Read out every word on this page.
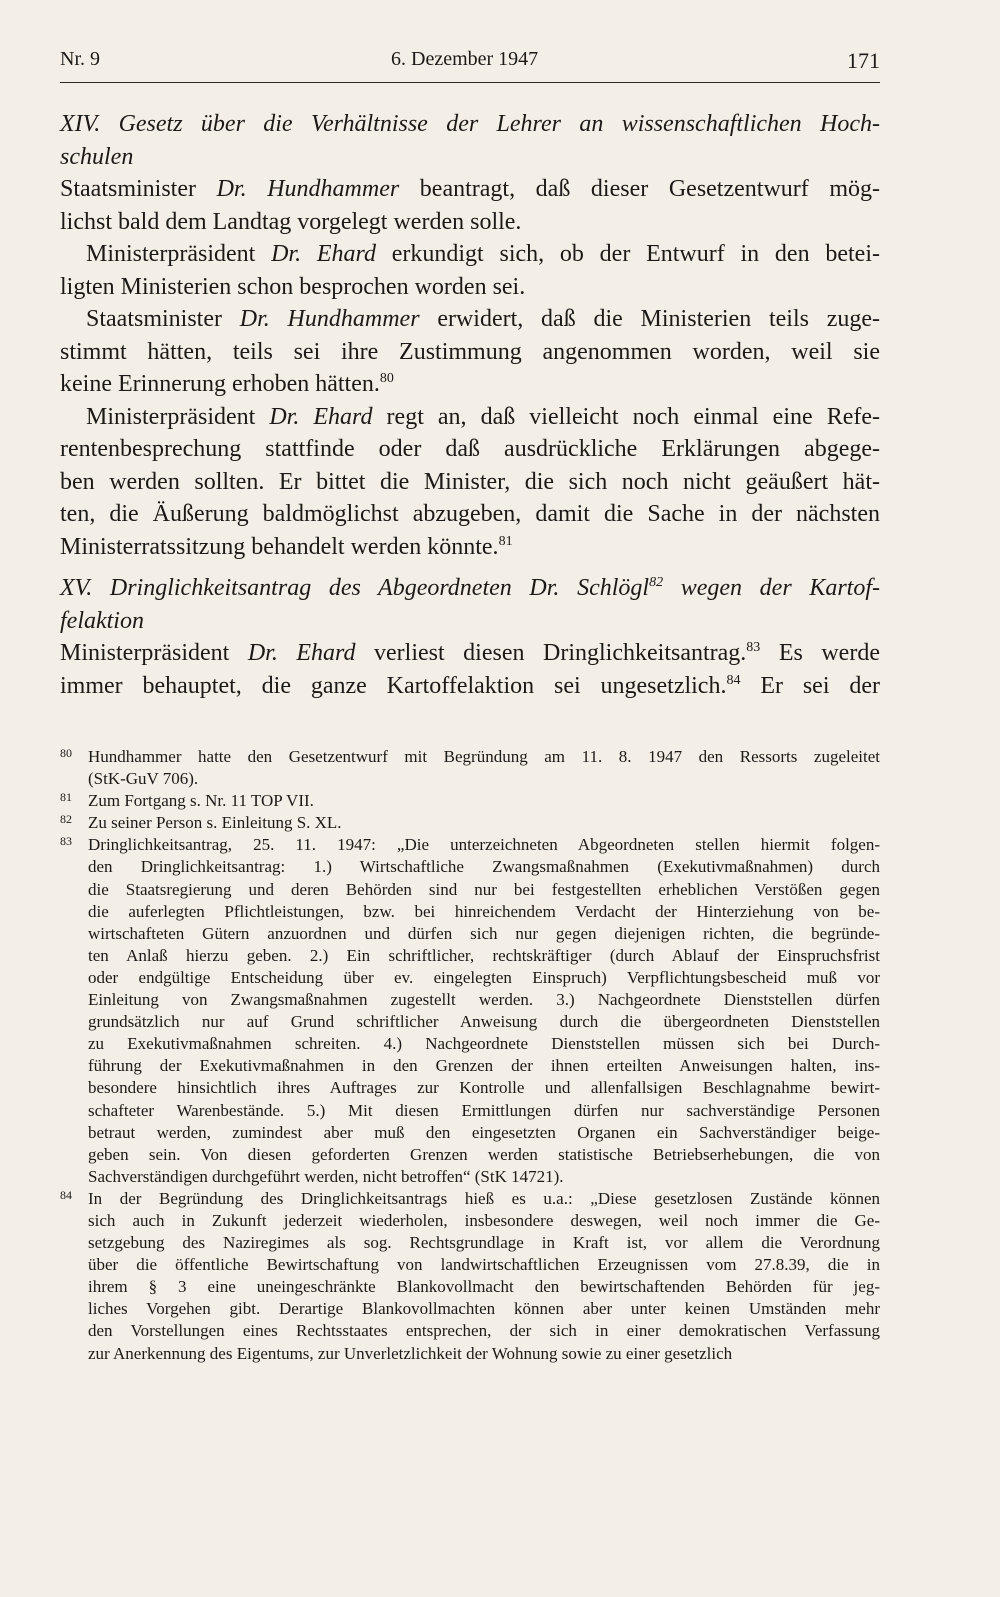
Nr. 9	6. Dezember 1947	171
XIV. Gesetz über die Verhältnisse der Lehrer an wissenschaftlichen Hoch-
schulen
Staatsminister Dr. Hundhammer beantragt, daß dieser Gesetzentwurf mög-
lichst bald dem Landtag vorgelegt werden solle.
Ministerpräsident Dr. Ehard erkundigt sich, ob der Entwurf in den betei-
ligten Ministerien schon besprochen worden sei.
Staatsminister Dr. Hundhammer erwidert, daß die Ministerien teils zuge-
stimmt hätten, teils sei ihre Zustimmung angenommen worden, weil sie
keine Erinnerung erhoben hätten.$^{80}$
Ministerpräsident Dr. Ehard regt an, daß vielleicht noch einmal eine Refe-
rentenbesprechung stattfinde oder daß ausdrückliche Erklärungen abgege-
ben werden sollten. Er bittet die Minister, die sich noch nicht geäußert hät-
ten, die Äußerung baldmöglichst abzugeben, damit die Sache in der nächsten
Ministerratssitzung behandelt werden könnte.$^{81}$
XV. Dringlichkeitsantrag des Abgeordneten Dr. Schlögl$^{82}$ wegen der Kartof-
felaktion
Ministerpräsident Dr. Ehard verliest diesen Dringlichkeitsantrag.$^{83}$ Es werde
immer behauptet, die ganze Kartoffelaktion sei ungesetzlich.$^{84}$ Er sei der
80 Hundhammer hatte den Gesetzentwurf mit Begründung am 11. 8. 1947 den Ressorts zugeleitet
(StK-GuV 706).
81 Zum Fortgang s. Nr. 11 TOP VII.
82 Zu seiner Person s. Einleitung S. XL.
83 Dringlichkeitsantrag, 25. 11. 1947: „Die unterzeichneten Abgeordneten stellen hiermit folgen-
den Dringlichkeitsantrag: 1.) Wirtschaftliche Zwangsmaßnahmen (Exekutivmaßnahmen) durch
die Staatsregierung und deren Behörden sind nur bei festgestellten erheblichen Verstößen gegen
die auferlegten Pflichtleistungen, bzw. bei hinreichendem Verdacht der Hinterziehung von be-
wirtschafteten Gütern anzuordnen und dürfen sich nur gegen diejenigen richten, die begründe-
ten Anlaß hierzu geben. 2.) Ein schriftlicher, rechtskräftiger (durch Ablauf der Einspruchsfrist
oder endgültige Entscheidung über ev. eingelegten Einspruch) Verpflichtungsbescheid muß vor
Einleitung von Zwangsmaßnahmen zugestellt werden. 3.) Nachgeordnete Dienststellen dürfen
grundsätzlich nur auf Grund schriftlicher Anweisung durch die übergeordneten Dienststellen
zu Exekutivmaßnahmen schreiten. 4.) Nachgeordnete Dienststellen müssen sich bei Durch-
führung der Exekutivmaßnahmen in den Grenzen der ihnen erteilten Anweisungen halten, ins-
besondere hinsichtlich ihres Auftrages zur Kontrolle und allenfallsigen Beschlagnahme bewirt-
schafteter Warenbestände. 5.) Mit diesen Ermittlungen dürfen nur sachverständige Personen
betraut werden, zumindest aber muß den eingesetzten Organen ein Sachverständiger beige-
geben sein. Von diesen geforderten Grenzen werden statistische Betriebserhebungen, die von
Sachverständigen durchgeführt werden, nicht betroffen“ (StK 14721).
84 In der Begründung des Dringlichkeitsantrags hieß es u.a.: „Diese gesetzlosen Zustände können
sich auch in Zukunft jederzeit wiederholen, insbesondere deswegen, weil noch immer die Ge-
setzgebung des Naziregimes als sog. Rechtsgrundlage in Kraft ist, vor allem die Verordnung
über die öffentliche Bewirtschaftung von landwirtschaftlichen Erzeugnissen vom 27.8.39, die in
ihrem § 3 eine uneingeschränkte Blankovollmacht den bewirtschaftenden Behörden für jeg-
liches Vorgehen gibt. Derartige Blankovollmachten können aber unter keinen Umständen mehr
den Vorstellungen eines Rechtsstaates entsprechen, der sich in einer demokratischen Verfassung
zur Anerkennung des Eigentums, zur Unverletzlichkeit der Wohnung sowie zu einer gesetzlich
